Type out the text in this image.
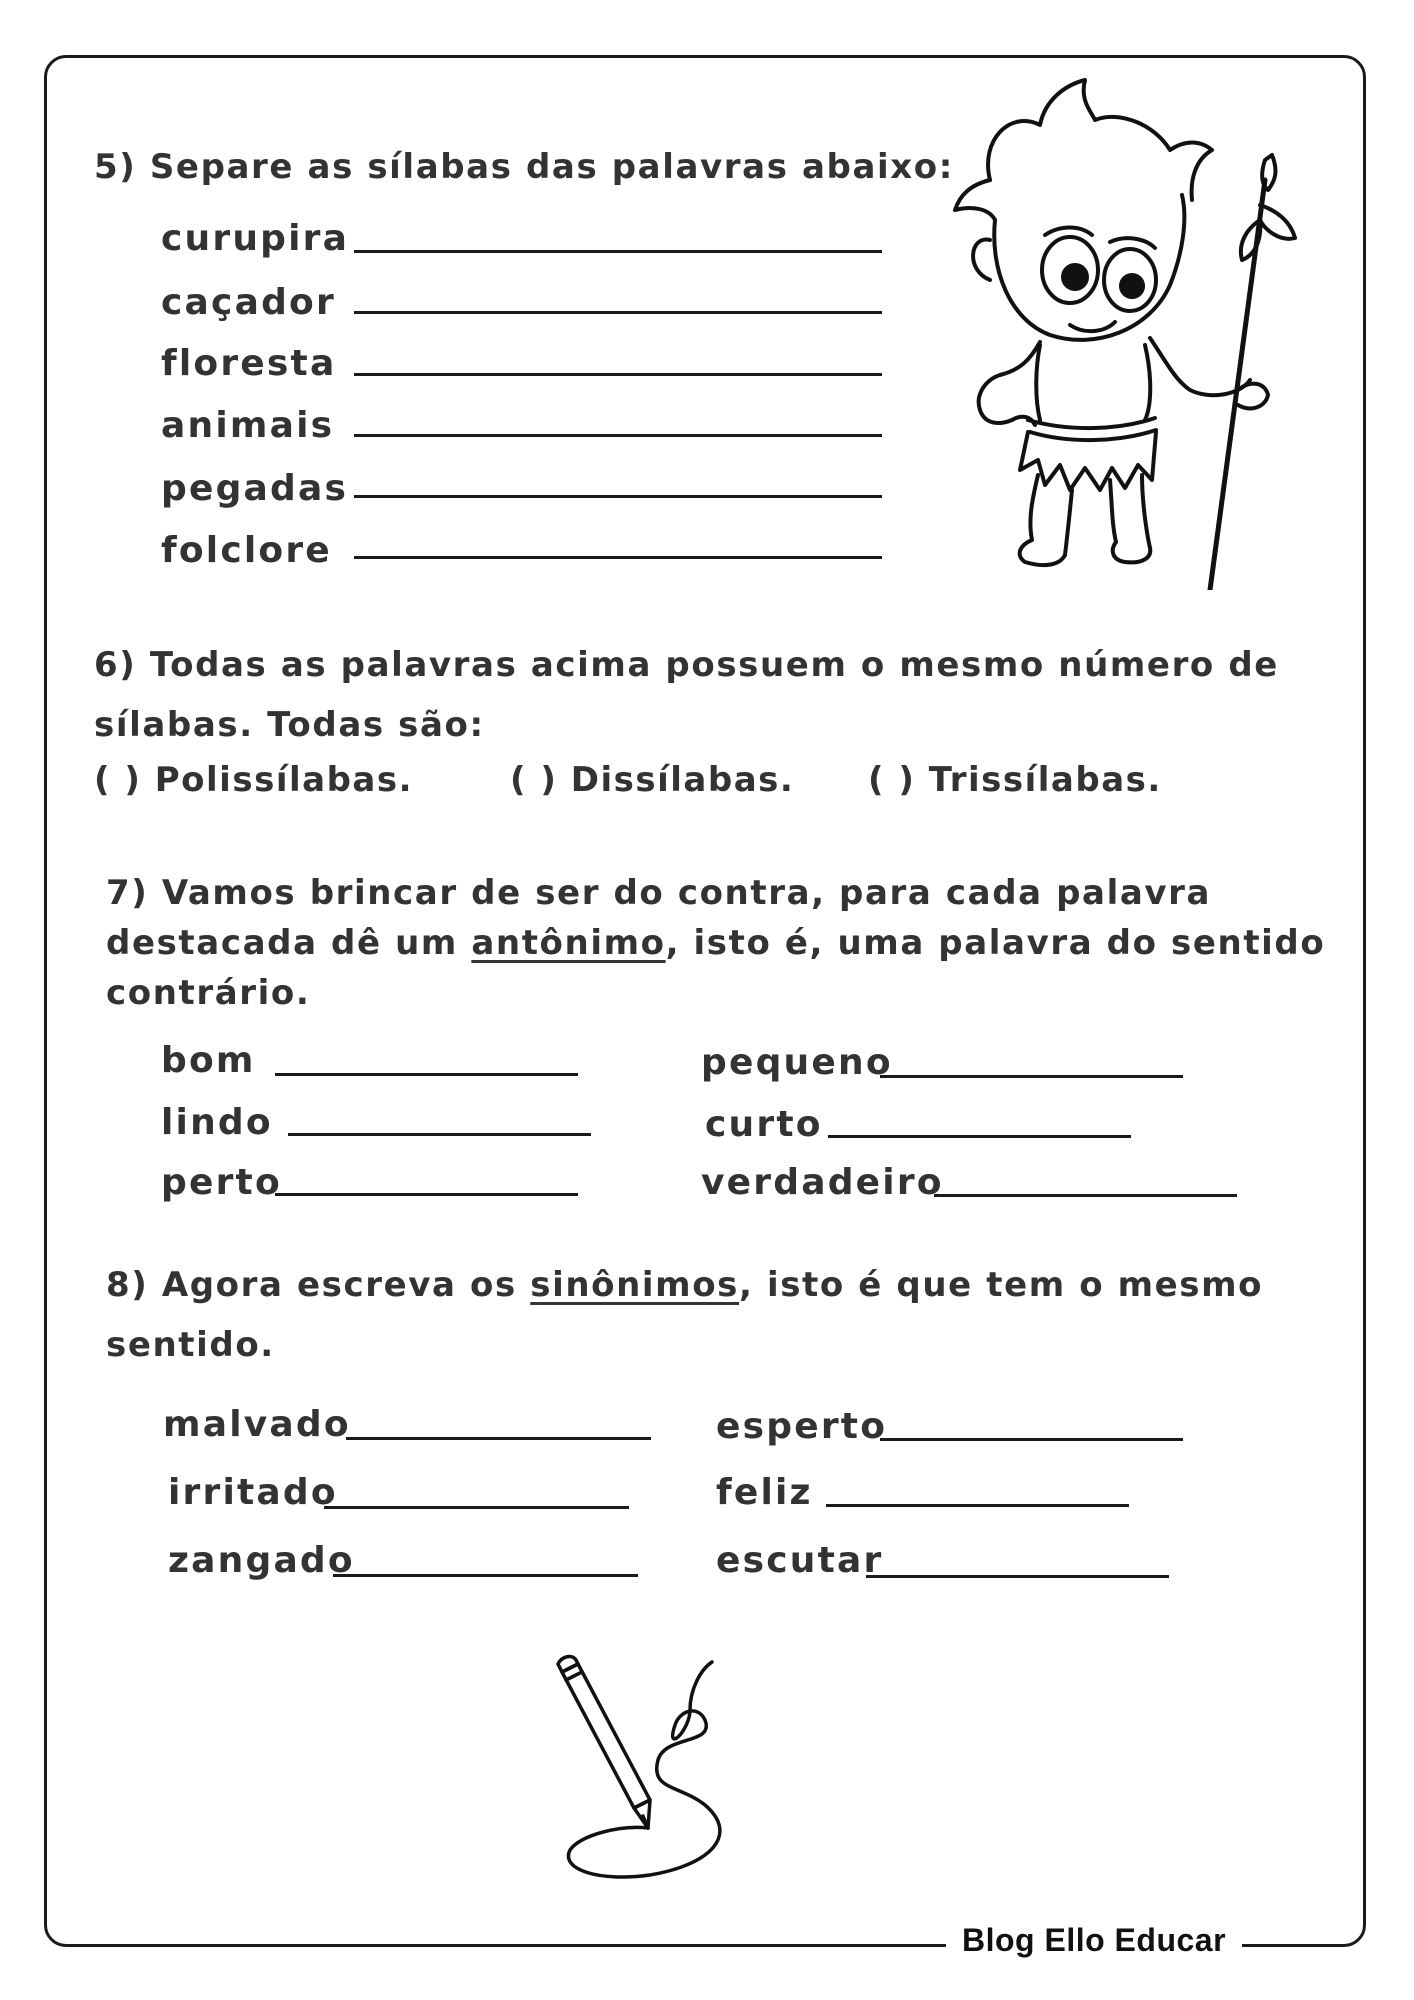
5) Separe as sílabas das palavras abaixo:
curupira
caçador
floresta
animais
pegadas
folclore
6) Todas as palavras acima possuem o mesmo número de
sílabas. Todas são:
( ) Polissílabas.	( ) Dissílabas. ( ) Trissílabas.
7) Vamos brincar de ser do contra, para cada palavra
destacada dê um antônimo, isto é, uma palavra do sentido
contrário.
bom
lindo
perto
pequeno
curto
verdadeiro
8) Agora escreva os sinônimos, isto é que tem o mesmo
sentido.
malvado
irritado
zangado
esperto
feliz
escutar
Blog Ello Educar
